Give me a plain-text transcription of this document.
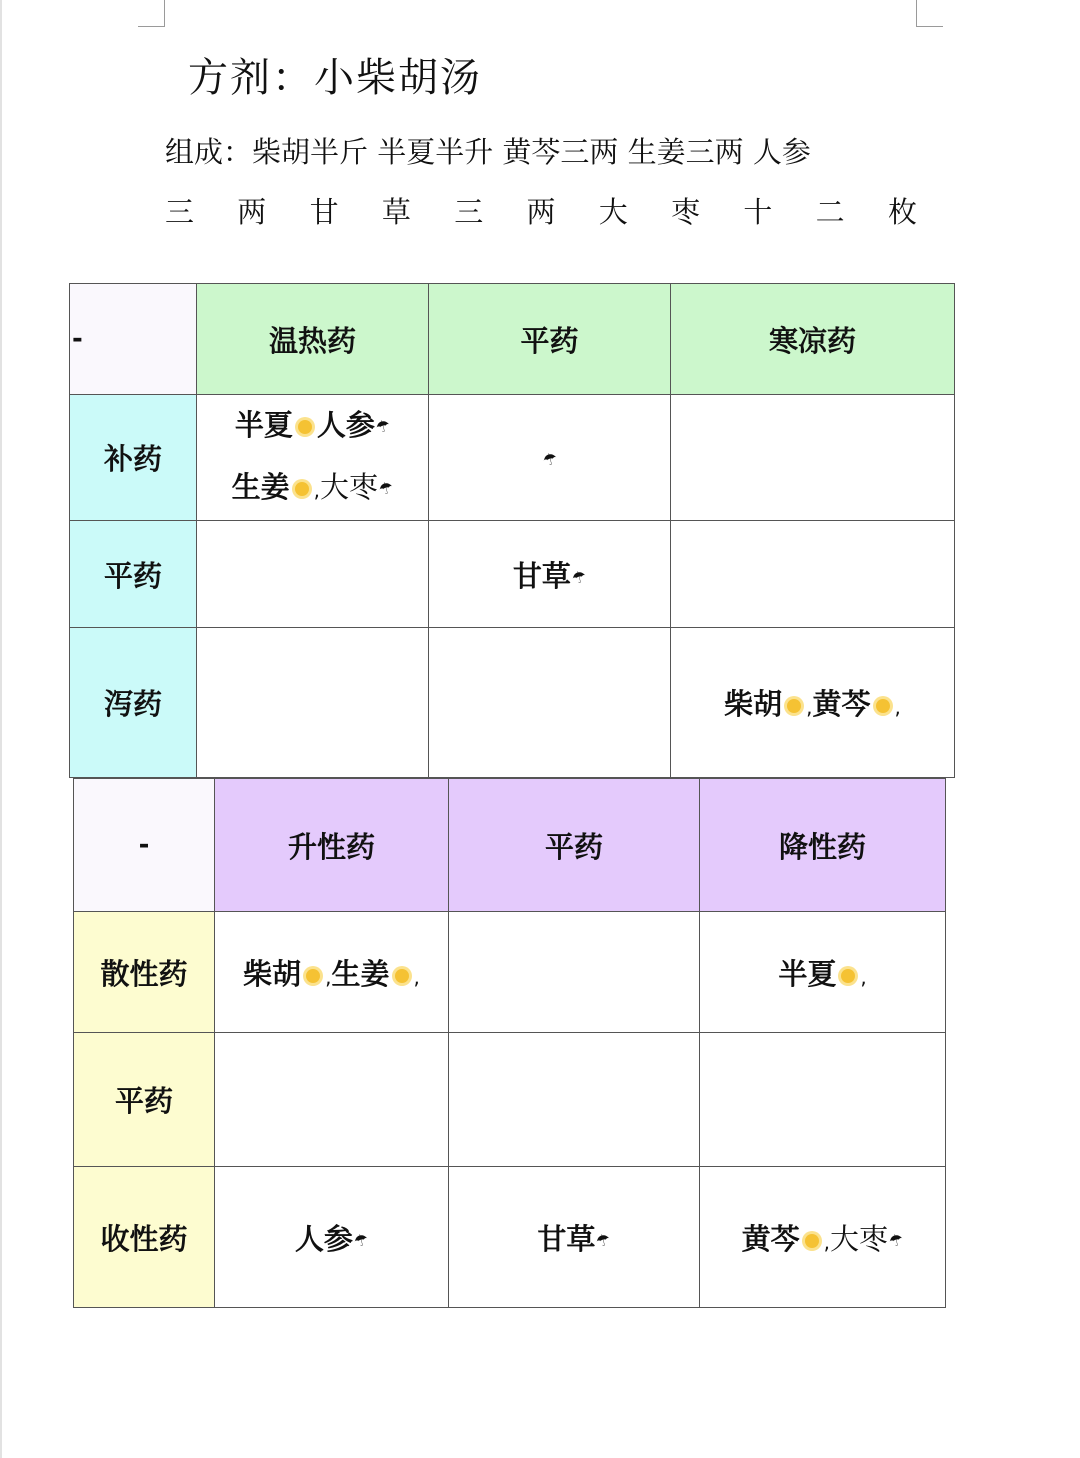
方剂：小柴胡汤
组成：柴胡半斤 半夏半升 黄芩三两 生姜三两 人参
三 两 甘 草 三 两 大 枣 十 二 枚
-	温热药	平药	寒凉药
补药	半夏 人参☂
生姜 ,大枣☂	☂	
平药		甘草☂	
泻药			柴胡 ,黄芩 ,
-	升性药	平药	降性药
散性药	柴胡 ,生姜 ,		半夏 ,
平药			
收性药	人参☂	甘草☂	黄芩 ,大枣☂
